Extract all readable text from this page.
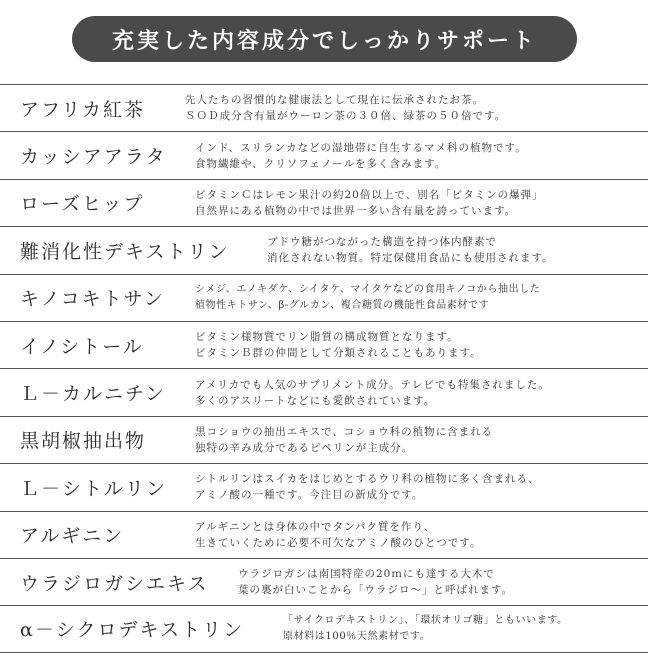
充実した内容成分でしっかりサポート
アフリカ紅茶	先人たちの習慣的な健康法として現在に伝承されたお茶。
ＳＯＤ成分含有量がウーロン茶の３０倍、緑茶の５０倍です。
カッシアアラタ	インド、スリランカなどの湿地帯に自生するマメ科の植物です。
食物繊維や、クリソフェノールを多く含みます。
ローズヒップ	ビタミンＣはレモン果汁の約20倍以上で、別名「ビタミンの爆弾」
自然界にある植物の中では世界一多い含有量を誇っています。
難消化性デキストリン	ブドウ糖がつながった構造を持つ体内酵素で
消化されない物質。特定保健用食品にも使用されます。
キノコキトサン	シメジ、エノキダケ、シイタケ、マイタケなどの食用キノコから抽出した
植物性キトサン、β-グルカン、複合糖質の機能性食品素材です
イノシトール	ビタミン様物質でリン脂質の構成物質となります。
ビタミンＢ群の仲間として分類されることもあります。
Ｌ－カルニチン	アメリカでも人気のサプリメント成分。テレビでも特集されました。
多くのアスリートなどにも愛飲されています。
黒胡椒抽出物	黒コショウの抽出エキスで、コショウ科の植物に含まれる
独特の辛み成分であるピペリンが主成分。
Ｌ－シトルリン	シトルリンはスイカをはじめとするウリ科の植物に多く含まれる、
アミノ酸の一種です。今注目の新成分です。
アルギニン	アルギニンとは身体の中でタンパク質を作り、
生きていくために必要不可欠なアミノ酸のひとつです。
ウラジロガシエキス	ウラジロガシは南国特産の20ｍにも達する大木で
葉の裏が白いことから「ウラジロ～」と呼ばれます。
α－シクロデキストリン	「サイクロデキストリン」、「環状オリゴ糖」ともいいます。
原材料は100％天然素材です。
